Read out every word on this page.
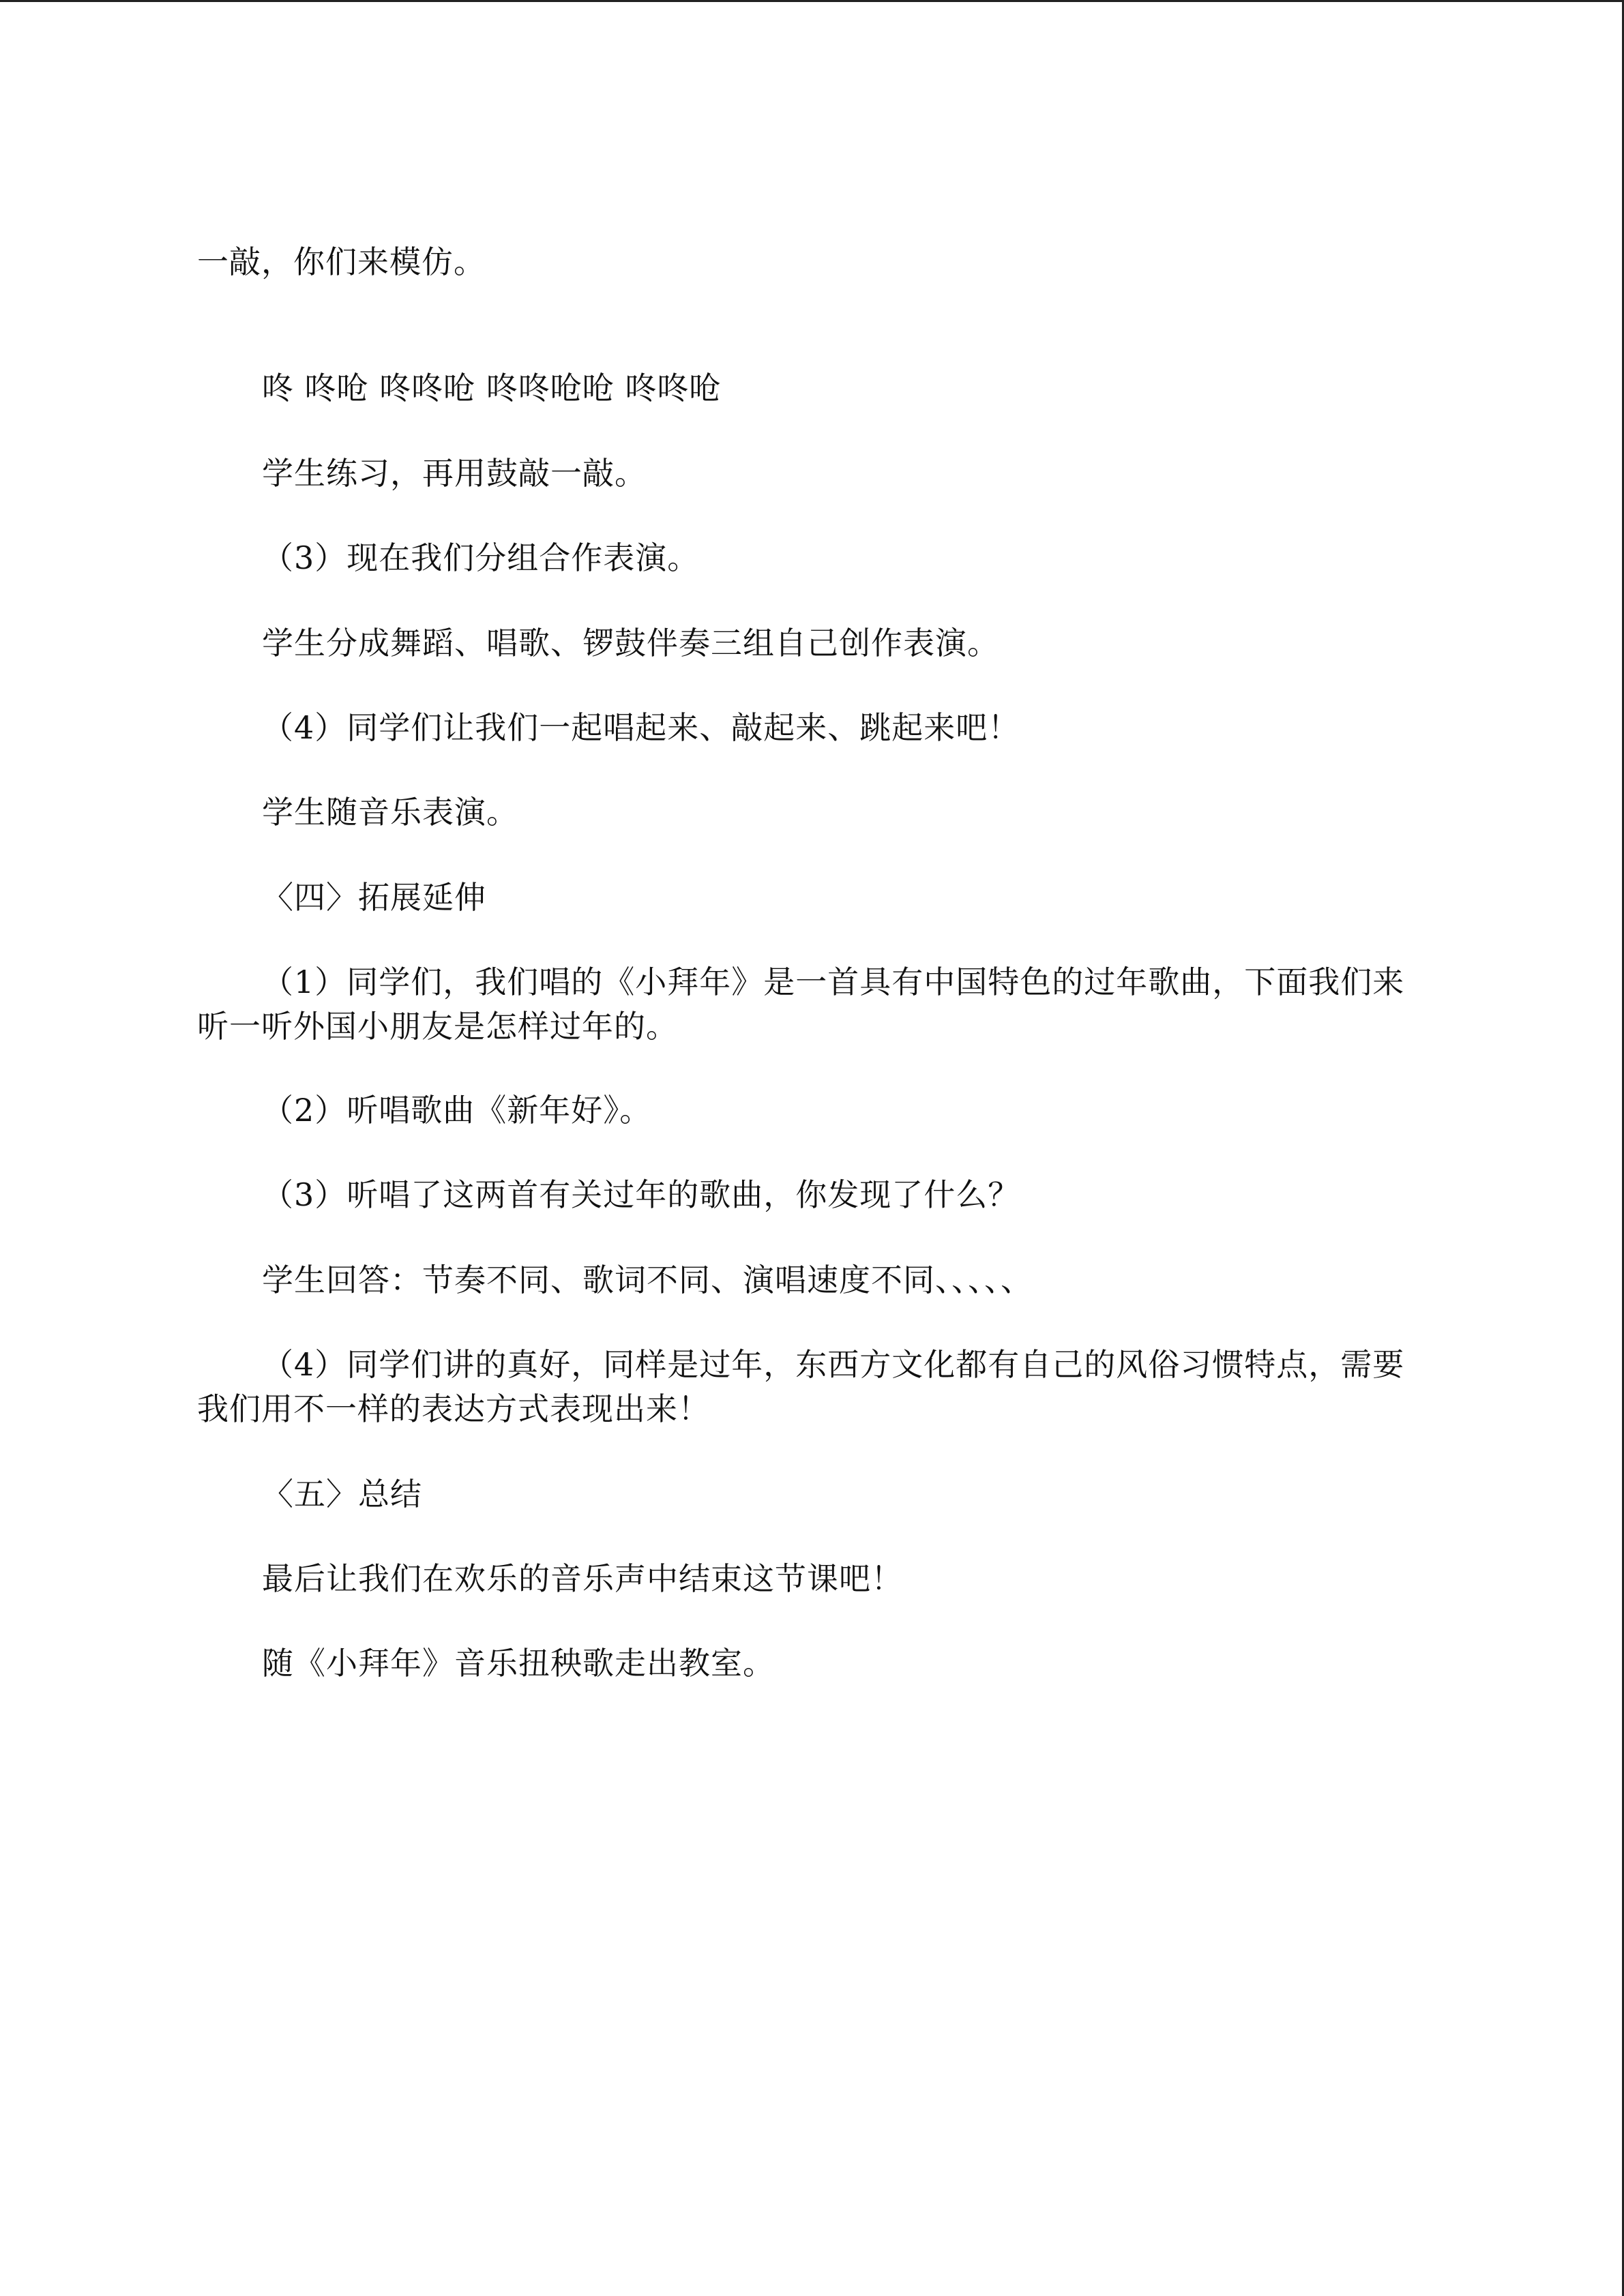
一敲，你们来模仿。

咚 咚呛 咚咚呛 咚咚呛呛 咚咚呛

学生练习，再用鼓敲一敲。

（3）现在我们分组合作表演。

学生分成舞蹈、唱歌、锣鼓伴奏三组自己创作表演。

（4）同学们让我们一起唱起来、敲起来、跳起来吧！

学生随音乐表演。

〈四〉拓展延伸

（1）同学们，我们唱的《小拜年》是一首具有中国特色的过年歌曲，下面我们来

听一听外国小朋友是怎样过年的。

（2）听唱歌曲《新年好》。

（3）听唱了这两首有关过年的歌曲，你发现了什么？

学生回答：节奏不同、歌词不同、演唱速度不同、、、、、

（4）同学们讲的真好，同样是过年，东西方文化都有自己的风俗习惯特点，需要

我们用不一样的表达方式表现出来！

〈五〉总结

最后让我们在欢乐的音乐声中结束这节课吧！

随《小拜年》音乐扭秧歌走出教室。
